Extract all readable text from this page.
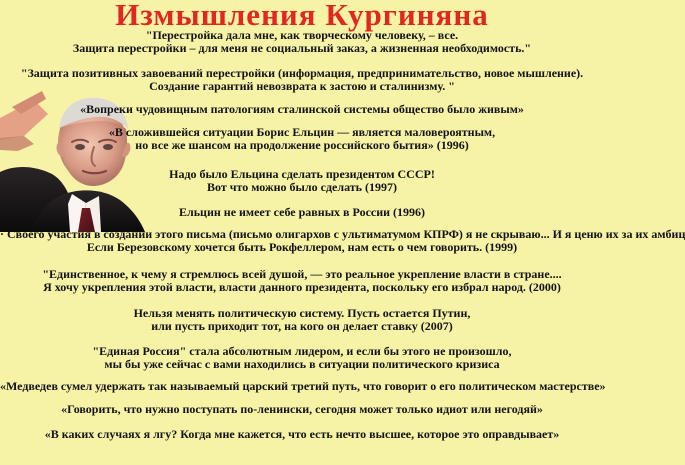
Измышления Кургиняна
"Перестройка дала мне, как творческому человеку, – все.
Защита перестройки – для меня не социальный заказ, а жизненная необходимость."
"Защита позитивных завоеваний перестройки (информация, предпринимательство, новое мышление).
Создание гарантий невозврата к застою и сталинизму. "
«Вопреки чудовищным патологиям сталинской системы общество было живым»
«В сложившейся ситуации Борис Ельцин — является маловероятным,
но все же шансом на продолжение российского бытия» (1996)
Надо было Ельцина сделать президентом СССР!
Вот что можно было сделать (1997)
Ельцин не имеет себе равных в России (1996)
· Своего участия в создании этого письма (письмо олигархов с ультиматумом КПРФ) я не скрываю... И я ценю их за их амбиц
Если Березовскому хочется быть Рокфеллером, нам есть о чем говорить. (1999)
"Единственное, к чему я стремлюсь всей душой, — это реальное укрепление власти в стране....
Я хочу укрепления этой власти, власти данного президента, поскольку его избрал народ. (2000)
Нельзя менять политическую систему. Пусть остается Путин,
или пусть приходит тот, на кого он делает ставку (2007)
"Единая Россия" стала абсолютным лидером, и если бы этого не произошло,
мы бы уже сейчас с вами находились в ситуации политического кризиса
«Медведев сумел удержать так называемый царский третий путь, что говорит о его политическом мастерстве»
«Говорить, что нужно поступать по-ленински, сегодня может только идиот или негодяй»
«В каких случаях я лгу? Когда мне кажется, что есть нечто высшее, которое это оправдывает»
